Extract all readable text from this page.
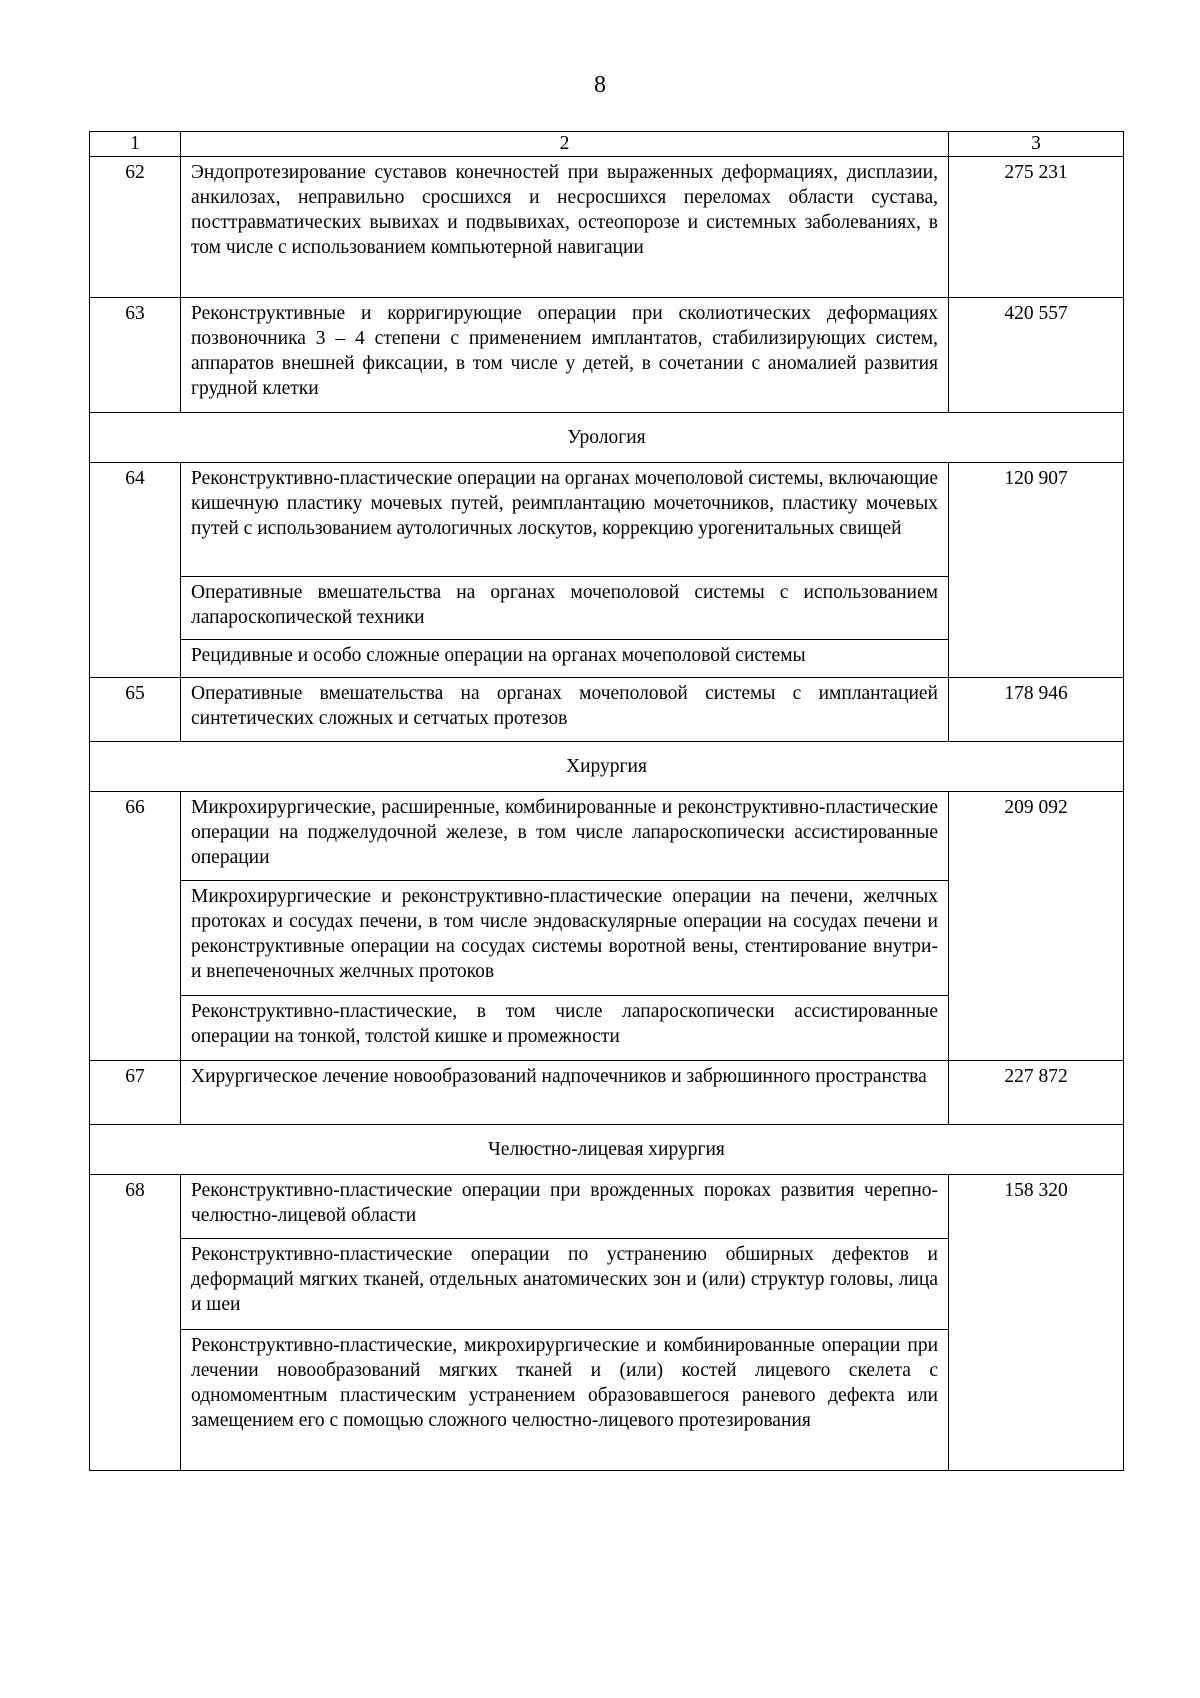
8
1	2	3

62	Эндопротезирование суставов конечностей при выраженных деформациях, дисплазии, анкилозах, неправильно сросшихся и несросшихся переломах области сустава, посттравматических вывихах и подвывихах, остеопорозе и системных заболеваниях, в том числе с использованием компьютерной навигации	275 231

63	Реконструктивные и корригирующие операции при сколиотических деформациях позвоночника 3 – 4 степени с применением имплантатов, стабилизирующих систем, аппаратов внешней фиксации, в том числе у детей, в сочетании с аномалией развития грудной клетки	420 557

Урология		

64	Реконструктивно-пластические операции на органах мочеполовой системы, включающие кишечную пластику мочевых путей, реимплантацию мочеточников, пластику мочевых путей с использованием аутологичных лоскутов, коррекцию урогенитальных свищей	120 907

	Оперативные вмешательства на органах мочеполовой системы с использованием лапароскопической техники	

	Рецидивные и особо сложные операции на органах мочеполовой системы	

65	Оперативные вмешательства на органах мочеполовой системы с имплантацией синтетических сложных и сетчатых протезов	178 946

Хирургия		

66	Микрохирургические, расширенные, комбинированные и реконструктивно-пластические операции на поджелудочной железе, в том числе лапароскопически ассистированные операции	209 092

	Микрохирургические и реконструктивно-пластические операции на печени, желчных протоках и сосудах печени, в том числе эндоваскулярные операции на сосудах печени и реконструктивные операции на сосудах системы воротной вены, стентирование внутри- и внепеченочных желчных протоков	

	Реконструктивно-пластические, в том числе лапароскопически ассистированные операции на тонкой, толстой кишке и промежности	

67	Хирургическое лечение новообразований надпочечников и забрюшинного пространства	227 872

Челюстно-лицевая хирургия		

68	Реконструктивно-пластические операции при врожденных пороках развития черепно-челюстно-лицевой области	158 320

	Реконструктивно-пластические операции по устранению обширных дефектов и деформаций мягких тканей, отдельных анатомических зон и (или) структур головы, лица и шеи	

	Реконструктивно-пластические, микрохирургические и комбинированные операции при лечении новообразований мягких тканей и (или) костей лицевого скелета с одномоментным пластическим устранением образовавшегося раневого дефекта или замещением его с помощью сложного челюстно-лицевого протезирования	
